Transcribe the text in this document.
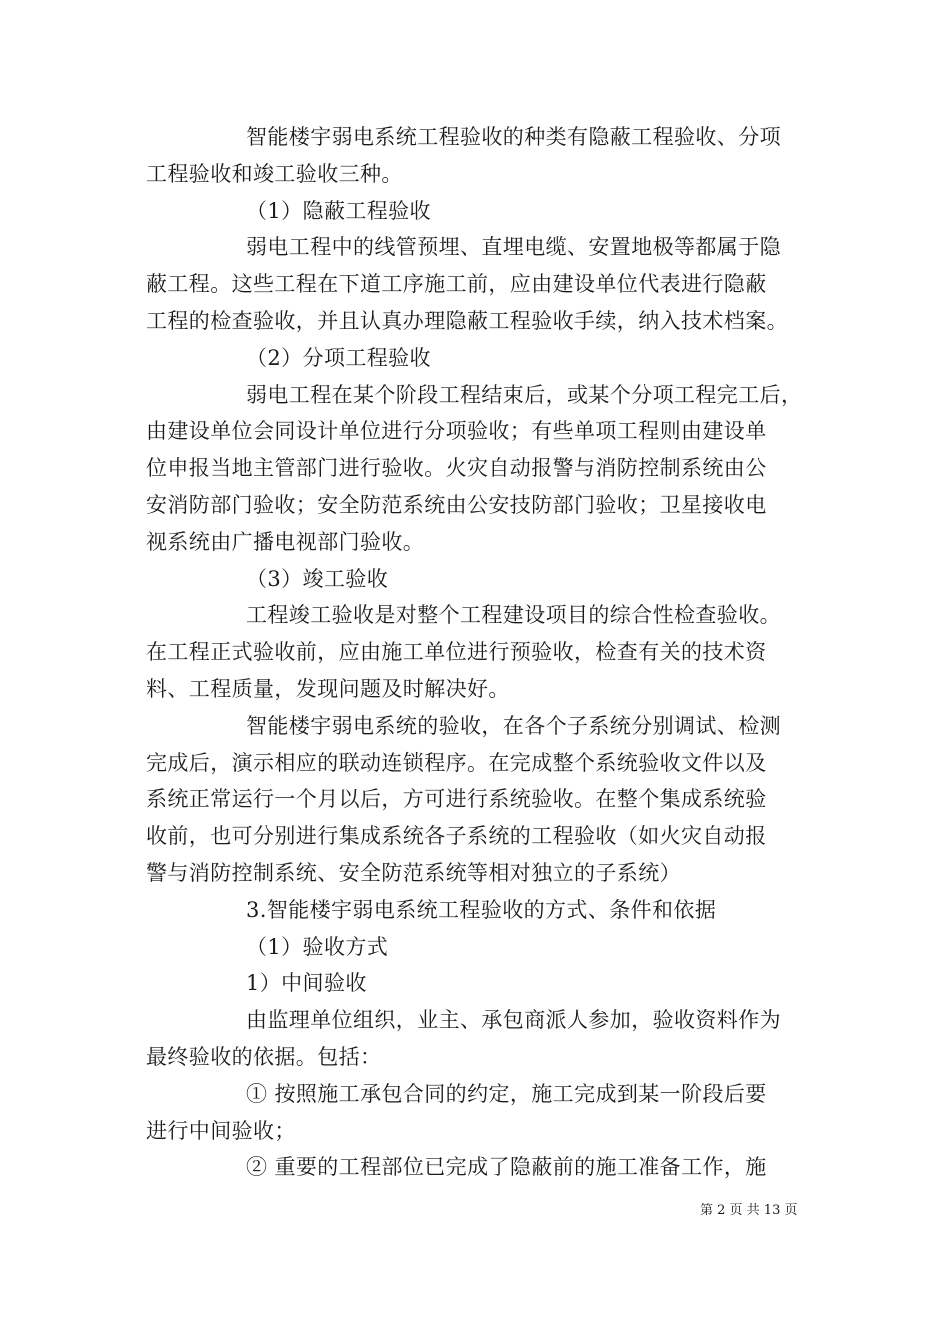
智能楼宇弱电系统工程验收的种类有隐蔽工程验收、分项
工程验收和竣工验收三种。
（1）隐蔽工程验收
弱电工程中的线管预埋、直埋电缆、安置地极等都属于隐
蔽工程。这些工程在下道工序施工前，应由建设单位代表进行隐蔽
工程的检查验收，并且认真办理隐蔽工程验收手续，纳入技术档案。
（2）分项工程验收
弱电工程在某个阶段工程结束后，或某个分项工程完工后，
由建设单位会同设计单位进行分项验收；有些单项工程则由建设单
位申报当地主管部门进行验收。火灾自动报警与消防控制系统由公
安消防部门验收；安全防范系统由公安技防部门验收；卫星接收电
视系统由广播电视部门验收。
（3）竣工验收
工程竣工验收是对整个工程建设项目的综合性检查验收。
在工程正式验收前，应由施工单位进行预验收，检查有关的技术资
料、工程质量，发现问题及时解决好。
智能楼宇弱电系统的验收，在各个子系统分别调试、检测
完成后，演示相应的联动连锁程序。在完成整个系统验收文件以及
系统正常运行一个月以后，方可进行系统验收。在整个集成系统验
收前，也可分别进行集成系统各子系统的工程验收（如火灾自动报
警与消防控制系统、安全防范系统等相对独立的子系统）
3.智能楼宇弱电系统工程验收的方式、条件和依据
（1）验收方式
1）中间验收
由监理单位组织，业主、承包商派人参加，验收资料作为
最终验收的依据。包括：
① 按照施工承包合同的约定，施工完成到某一阶段后要
进行中间验收；
② 重要的工程部位已完成了隐蔽前的施工准备工作，施
第 2 页 共 13 页
